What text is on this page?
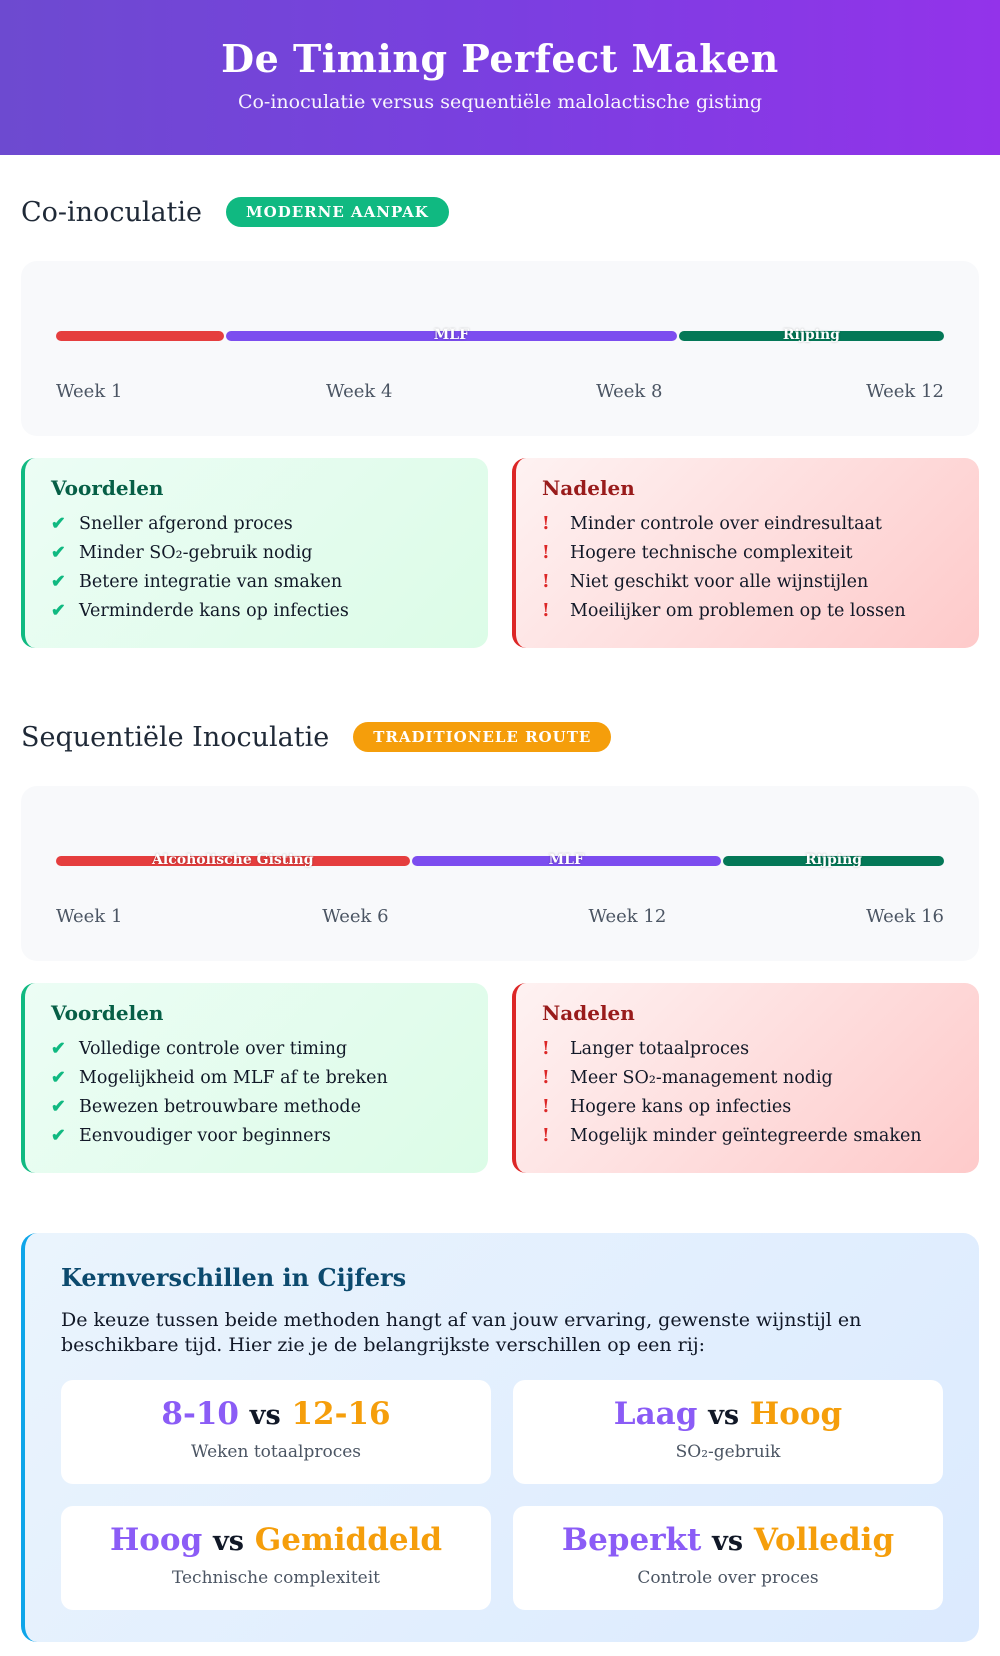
De Timing Perfect Maken

Co-inoculatie versus sequentiële malolactische gisting

Co-inoculatie	MODERNE AANPAK
MLF	Rijping
Week 1	Week 4	Week 8	Week 12
Voordelen
✔ Sneller afgerond proces
✔ Minder SO₂-gebruik nodig
✔ Betere integratie van smaken
✔ Verminderde kans op infecties
Nadelen
!	Minder controle over eindresultaat
!	Hogere technische complexiteit
!	Niet geschikt voor alle wijnstijlen
!	Moeilijker om problemen op te lossen
Sequentiële Inoculatie	TRADITIONELE ROUTE
Alcoholische Gisting	MLF	Rijping
Week 1	Week 6	Week 12	Week 16
Voordelen
✔ Volledige controle over timing
✔ Mogelijkheid om MLF af te breken
✔ Bewezen betrouwbare methode
✔ Eenvoudiger voor beginners
Nadelen
!	Langer totaalproces
!	Meer SO₂-management nodig
!	Hogere kans op infecties
!	Mogelijk minder geïntegreerde smaken
Kernverschillen in Cijfers

De keuze tussen beide methoden hangt af van jouw ervaring, gewenste wijnstijl en beschikbare tijd. Hier zie je de belangrijkste verschillen op een rij:

8-10 vs 12-16
Weken totaalproces
Laag vs Hoog
SO₂-gebruik
Hoog vs Gemiddeld
Technische complexiteit
Beperkt vs Volledig
Controle over proces
